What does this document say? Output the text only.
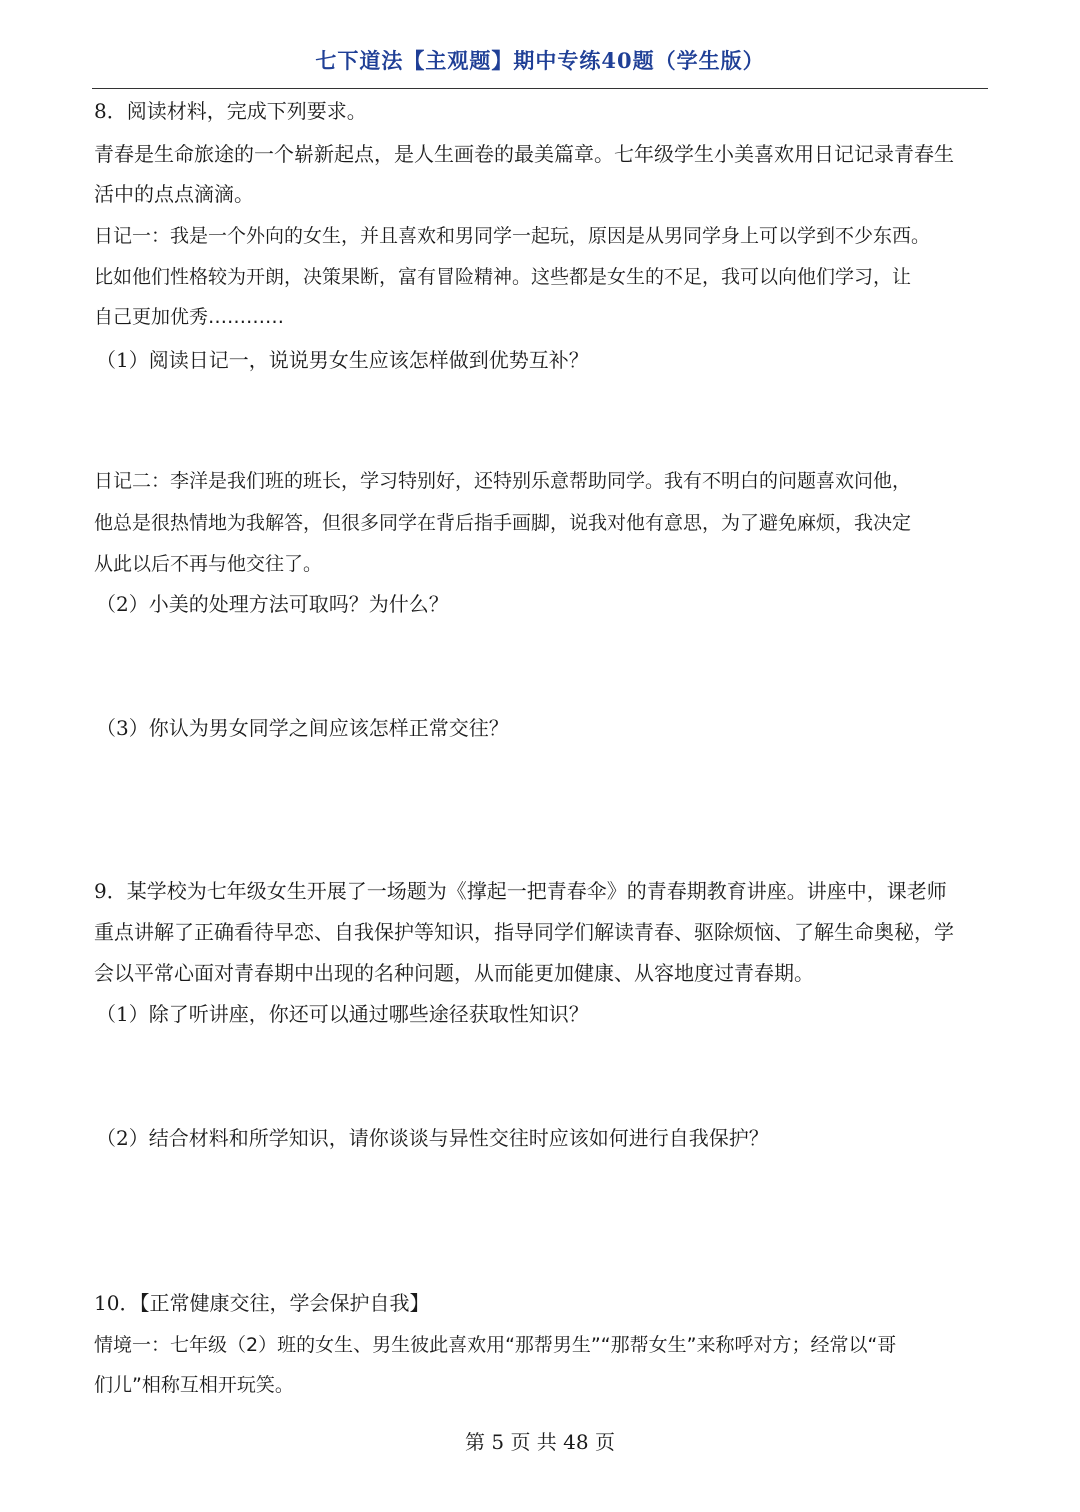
七下道法【主观题】期中专练40题（学生版）
8．阅读材料，完成下列要求。
青春是生命旅途的一个崭新起点，是人生画卷的最美篇章。七年级学生小美喜欢用日记记录青春生
活中的点点滴滴。
日记一：我是一个外向的女生，并且喜欢和男同学一起玩，原因是从男同学身上可以学到不少东西。
比如他们性格较为开朗，决策果断，富有冒险精神。这些都是女生的不足，我可以向他们学习，让
自己更加优秀…………
（1）阅读日记一，说说男女生应该怎样做到优势互补？
日记二：李洋是我们班的班长，学习特别好，还特别乐意帮助同学。我有不明白的问题喜欢问他，
他总是很热情地为我解答，但很多同学在背后指手画脚，说我对他有意思，为了避免麻烦，我决定
从此以后不再与他交往了。
（2）小美的处理方法可取吗？为什么？
（3）你认为男女同学之间应该怎样正常交往？
9．某学校为七年级女生开展了一场题为《撑起一把青春伞》的青春期教育讲座。讲座中，课老师
重点讲解了正确看待早恋、自我保护等知识，指导同学们解读青春、驱除烦恼、了解生命奥秘，学
会以平常心面对青春期中出现的名种问题，从而能更加健康、从容地度过青春期。
（1）除了听讲座，你还可以通过哪些途径获取性知识？
（2）结合材料和所学知识，请你谈谈与异性交往时应该如何进行自我保护？
10．【正常健康交往，学会保护自我】
情境一：七年级（2）班的女生、男生彼此喜欢用“那帮男生”“那帮女生”来称呼对方；经常以“哥
们儿”相称互相开玩笑。
第 5 页 共 48 页
